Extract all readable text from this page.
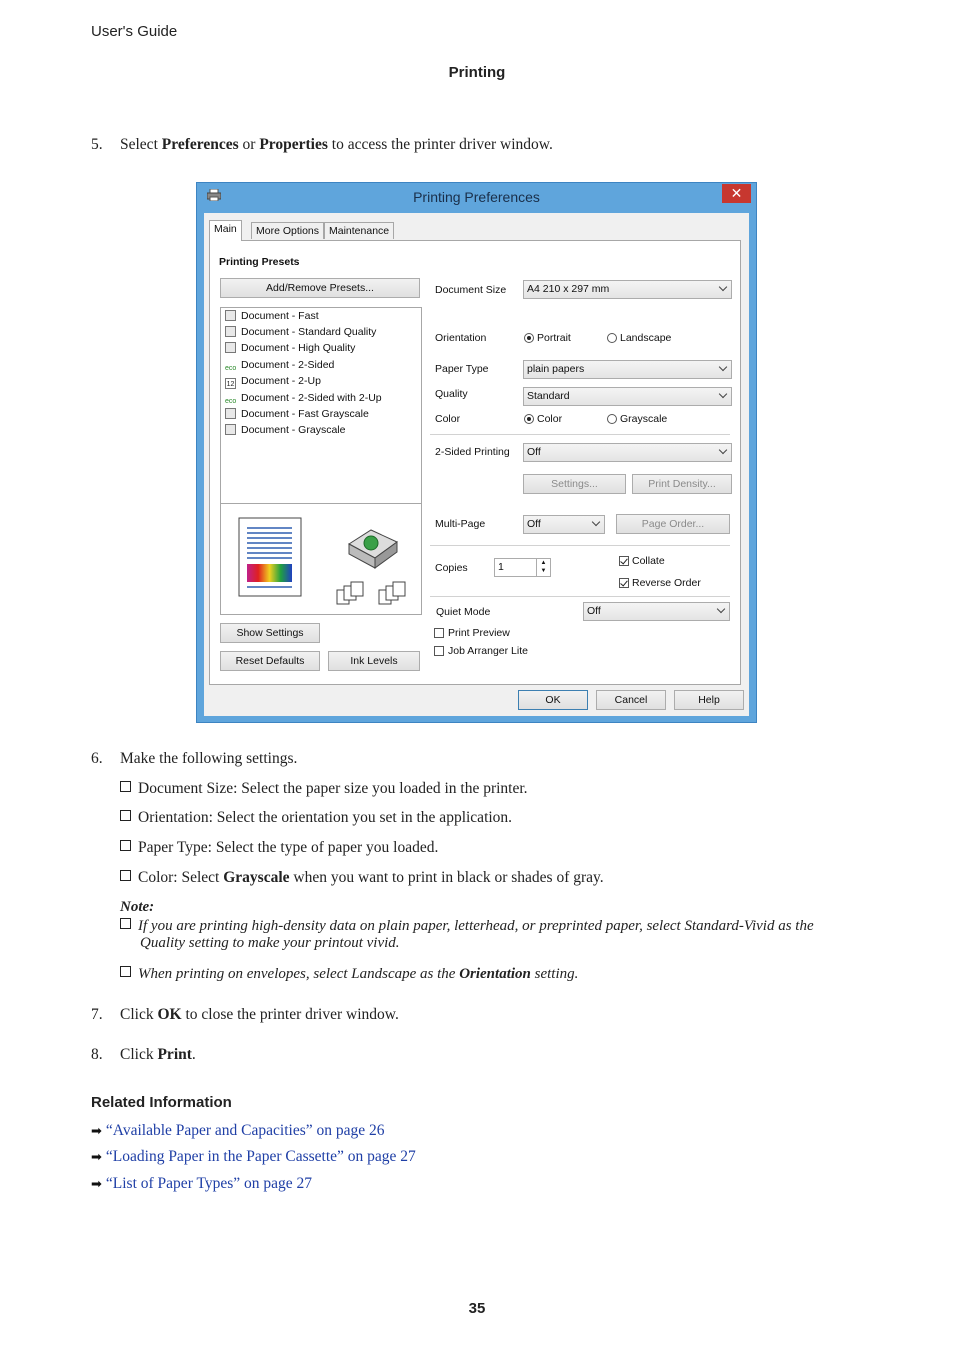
User's Guide
Printing
5. Select Preferences or Properties to access the printer driver window.
Printing Preferences	✕
Main	More Options Maintenance
Printing Presets
Add/Remove Presets...
Document - Fast
Document - Standard Quality
Document - High Quality
eco Document - 2-Sided
12 Document - 2-Up
eco Document - 2-Sided with 2-Up
Document - Fast Grayscale
Document - Grayscale
Show Settings
Reset Defaults	Ink Levels
Document Size	A4 210 x 297 mm
Orientation	Portrait	Landscape
Paper Type	plain papers
Quality	Standard
Color	Color	Grayscale
2-Sided Printing	Off
Settings...	Print Density...
Multi-Page	Off	Page Order...
Copies	1	▲
▼
Collate
Reverse Order
Quiet Mode	Off
Print Preview
Job Arranger Lite
OK	Cancel	Help
6. Make the following settings.
Document Size: Select the paper size you loaded in the printer.
Orientation: Select the orientation you set in the application.
Paper Type: Select the type of paper you loaded.
Color: Select Grayscale when you want to print in black or shades of gray.
Note:
If you are printing high-density data on plain paper, letterhead, or preprinted paper, select Standard-Vivid as the
Quality setting to make your printout vivid.
When printing on envelopes, select Landscape as the Orientation setting.
7. Click OK to close the printer driver window.
8. Click Print.
Related Information
➡ “Available Paper and Capacities” on page 26
➡ “Loading Paper in the Paper Cassette” on page 27
➡ “List of Paper Types” on page 27
35
